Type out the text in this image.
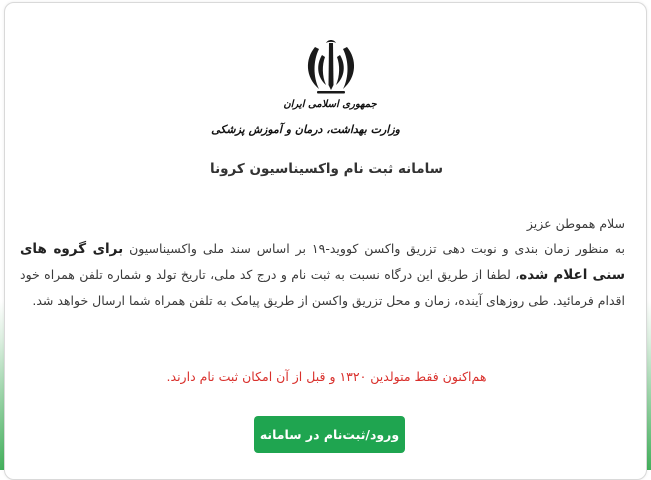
جمهوری اسلامی ایران
وزارت بهداشت، درمان و آموزش پزشکی
سامانه ثبت نام واکسیناسیون کرونا

سلام هموطن عزیز

به منظور زمان بندی و نوبت دهی تزریق واکسن کووید-۱۹ بر اساس سند ملی واکسیناسیون برای گروه های سنی اعلام شده، لطفا از طریق این درگاه نسبت به ثبت نام و درج کد ملی، تاریخ تولد و شماره تلفن همراه خود اقدام فرمائید. طی روزهای آینده، زمان و محل تزریق واکسن از طریق پیامک به تلفن همراه شما ارسال خواهد شد.

هم‌اکنون فقط متولدین ۱۳۲۰ و قبل از آن امکان ثبت نام دارند.
ورود/ثبت‌نام در سامانه
